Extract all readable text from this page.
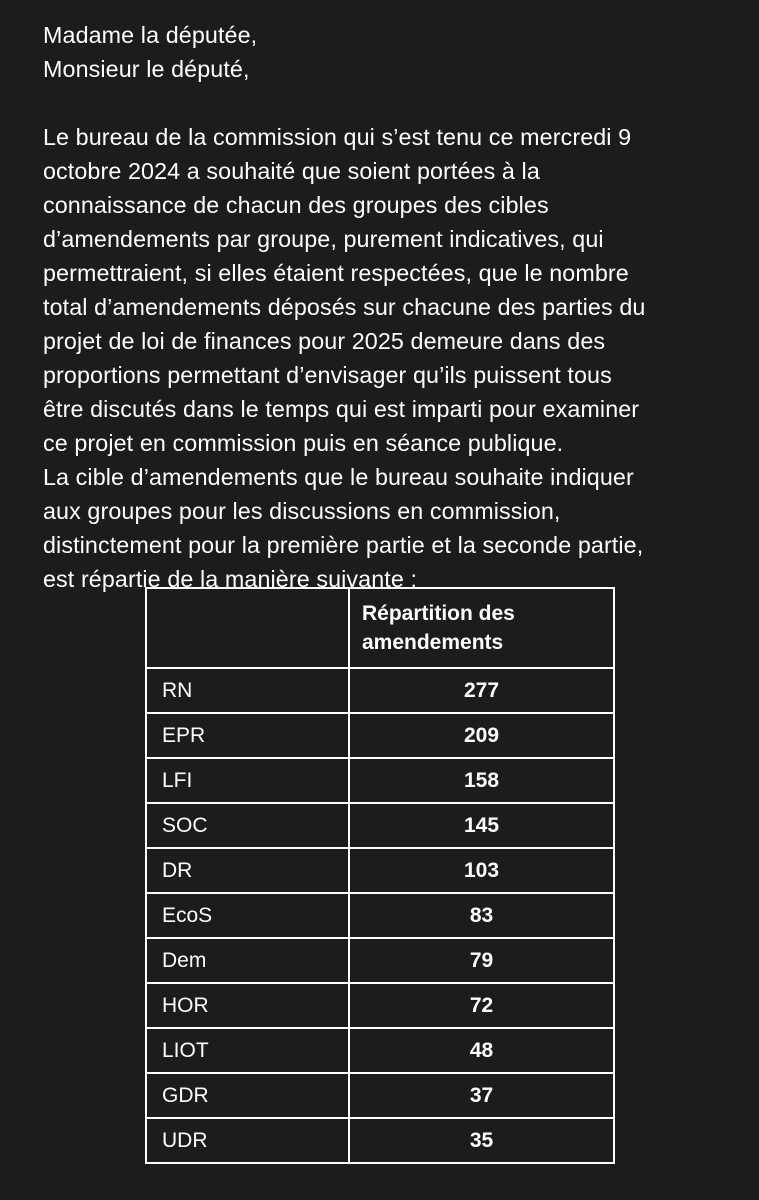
Madame la députée,
Monsieur le député,
Le bureau de la commission qui s’est tenu ce mercredi 9
octobre 2024 a souhaité que soient portées à la
connaissance de chacun des groupes des cibles
d’amendements par groupe, purement indicatives, qui
permettraient, si elles étaient respectées, que le nombre
total d’amendements déposés sur chacune des parties du
projet de loi de finances pour 2025 demeure dans des
proportions permettant d’envisager qu’ils puissent tous
être discutés dans le temps qui est imparti pour examiner
ce projet en commission puis en séance publique.
La cible d’amendements que le bureau souhaite indiquer
aux groupes pour les discussions en commission,
distinctement pour la première partie et la seconde partie,
est répartie de la manière suivante :

	Répartition des
amendements

RN	277
EPR	209
LFI	158
SOC	145
DR	103
EcoS	83
Dem	79
HOR	72
LIOT	48
GDR	37
UDR	35
